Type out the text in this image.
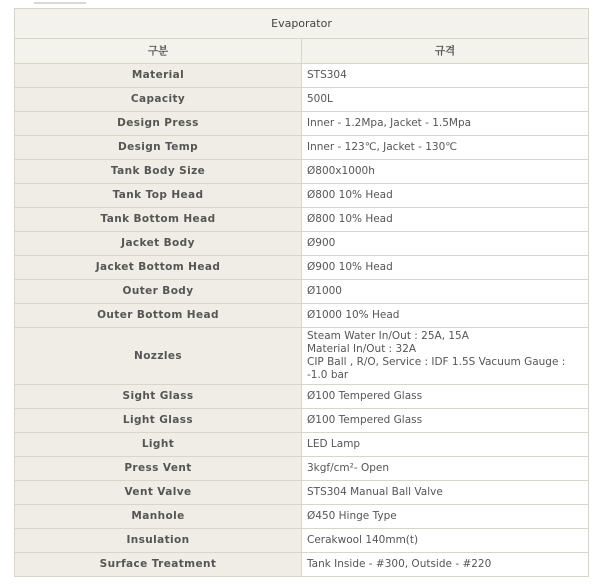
Evaporator	
구분	규격
Material	STS304
Capacity	500L
Design Press	Inner - 1.2Mpa, Jacket - 1.5Mpa
Design Temp	Inner - 123℃, Jacket - 130℃
Tank Body Size	Ø800x1000h
Tank Top Head	Ø800 10% Head
Tank Bottom Head	Ø800 10% Head
Jacket Body	Ø900
Jacket Bottom Head	Ø900 10% Head
Outer Body	Ø1000
Outer Bottom Head	Ø1000 10% Head
Nozzles	Steam Water In/Out : 25A, 15A
Material In/Out : 32A
CIP Ball , R/O, Service : IDF 1.5S Vacuum Gauge : -1.0 bar

Sight Glass	Ø100 Tempered Glass
Light Glass	Ø100 Tempered Glass
Light	LED Lamp
Press Vent	3kgf/cm²- Open
Vent Valve	STS304 Manual Ball Valve
Manhole	Ø450 Hinge Type
Insulation	Cerakwool 140mm(t)
Surface Treatment	Tank Inside - #300, Outside - #220
